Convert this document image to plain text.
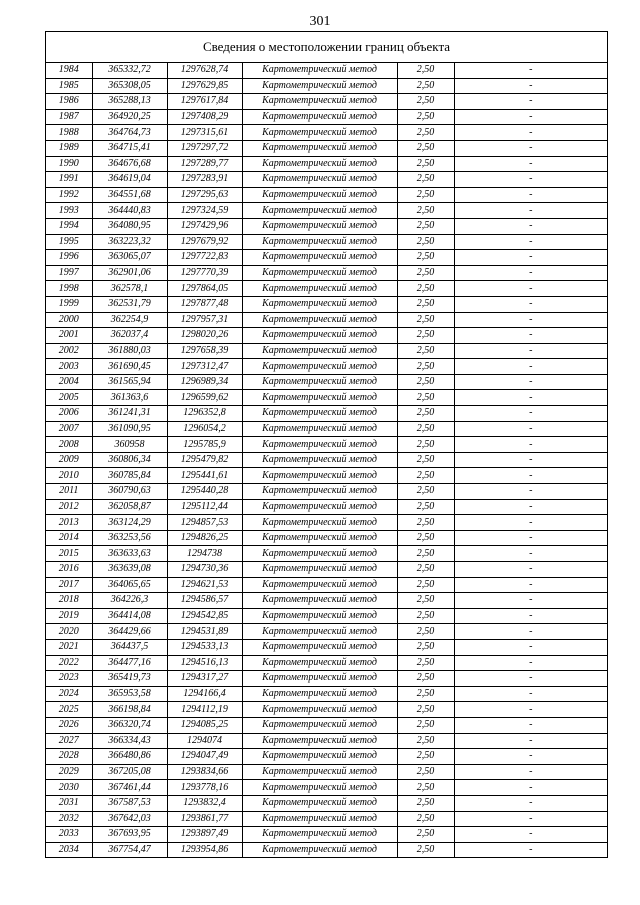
301
Сведения о местоположении границ объекта
1984	365332,72	1297628,74	Картометрический метод	2,50	-
1985	365308,05	1297629,85	Картометрический метод	2,50	-
1986	365288,13	1297617,84	Картометрический метод	2,50	-
1987	364920,25	1297408,29	Картометрический метод	2,50	-
1988	364764,73	1297315,61	Картометрический метод	2,50	-
1989	364715,41	1297297,72	Картометрический метод	2,50	-
1990	364676,68	1297289,77	Картометрический метод	2,50	-
1991	364619,04	1297283,91	Картометрический метод	2,50	-
1992	364551,68	1297295,63	Картометрический метод	2,50	-
1993	364440,83	1297324,59	Картометрический метод	2,50	-
1994	364080,95	1297429,96	Картометрический метод	2,50	-
1995	363223,32	1297679,92	Картометрический метод	2,50	-
1996	363065,07	1297722,83	Картометрический метод	2,50	-
1997	362901,06	1297770,39	Картометрический метод	2,50	-
1998	362578,1	1297864,05	Картометрический метод	2,50	-
1999	362531,79	1297877,48	Картометрический метод	2,50	-
2000	362254,9	1297957,31	Картометрический метод	2,50	-
2001	362037,4	1298020,26	Картометрический метод	2,50	-
2002	361880,03	1297658,39	Картометрический метод	2,50	-
2003	361690,45	1297312,47	Картометрический метод	2,50	-
2004	361565,94	1296989,34	Картометрический метод	2,50	-
2005	361363,6	1296599,62	Картометрический метод	2,50	-
2006	361241,31	1296352,8	Картометрический метод	2,50	-
2007	361090,95	1296054,2	Картометрический метод	2,50	-
2008	360958	1295785,9	Картометрический метод	2,50	-
2009	360806,34	1295479,82	Картометрический метод	2,50	-
2010	360785,84	1295441,61	Картометрический метод	2,50	-
2011	360790,63	1295440,28	Картометрический метод	2,50	-
2012	362058,87	1295112,44	Картометрический метод	2,50	-
2013	363124,29	1294857,53	Картометрический метод	2,50	-
2014	363253,56	1294826,25	Картометрический метод	2,50	-
2015	363633,63	1294738	Картометрический метод	2,50	-
2016	363639,08	1294730,36	Картометрический метод	2,50	-
2017	364065,65	1294621,53	Картометрический метод	2,50	-
2018	364226,3	1294586,57	Картометрический метод	2,50	-
2019	364414,08	1294542,85	Картометрический метод	2,50	-
2020	364429,66	1294531,89	Картометрический метод	2,50	-
2021	364437,5	1294533,13	Картометрический метод	2,50	-
2022	364477,16	1294516,13	Картометрический метод	2,50	-
2023	365419,73	1294317,27	Картометрический метод	2,50	-
2024	365953,58	1294166,4	Картометрический метод	2,50	-
2025	366198,84	1294112,19	Картометрический метод	2,50	-
2026	366320,74	1294085,25	Картометрический метод	2,50	-
2027	366334,43	1294074	Картометрический метод	2,50	-
2028	366480,86	1294047,49	Картометрический метод	2,50	-
2029	367205,08	1293834,66	Картометрический метод	2,50	-
2030	367461,44	1293778,16	Картометрический метод	2,50	-
2031	367587,53	1293832,4	Картометрический метод	2,50	-
2032	367642,03	1293861,77	Картометрический метод	2,50	-
2033	367693,95	1293897,49	Картометрический метод	2,50	-
2034	367754,47	1293954,86	Картометрический метод	2,50	-
